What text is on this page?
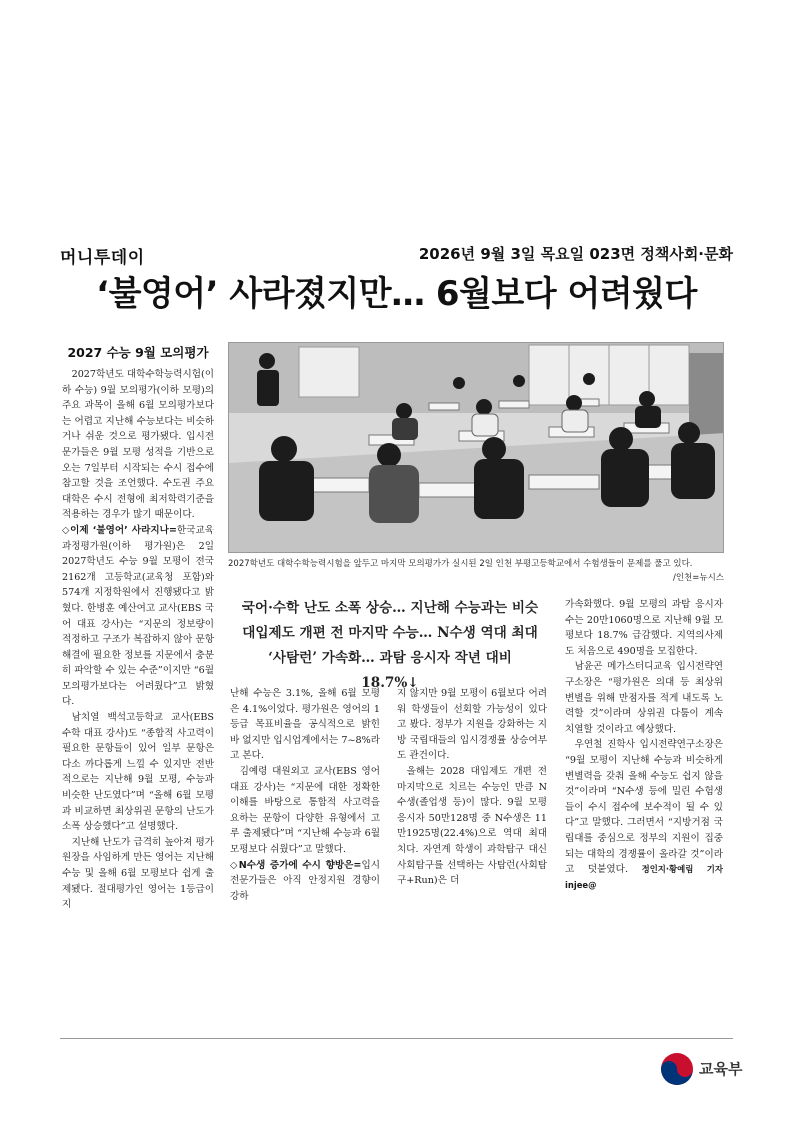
머니투데이	2026년 9월 3일 목요일 023면 정책사회·문화
‘불영어’ 사라졌지만… 6월보다 어려웠다
2027 수능 9월 모의평가

2027학년도 대학수학능력시험(이하 수능) 9월 모의평가(이하 모평)의 주요 과목이 올해 6월 모의평가보다는 어렵고 지난해 수능보다는 비슷하거나 쉬운 것으로 평가됐다. 입시전문가들은 9월 모평 성적을 기반으로 오는 7일부터 시작되는 수시 접수에 참고할 것을 조언했다. 수도권 주요 대학은 수시 전형에 최저학력기준을 적용하는 경우가 많기 때문이다.

◇이제 ‘불영어’ 사라지나=한국교육과정평가원(이하 평가원)은 2일 2027학년도 수능 9월 모평이 전국 2162개 고등학교(교육청 포함)와 574개 지정학원에서 진행됐다고 밝혔다. 한병훈 예산여고 교사(EBS 국어 대표 강사)는 “지문의 정보량이 적정하고 구조가 복잡하지 않아 문항해결에 필요한 정보를 지문에서 충분히 파악할 수 있는 수준”이지만 “6월 모의평가보다는 어려웠다”고 밝혔다.

남치열 백석고등학교 교사(EBS 수학 대표 강사)도 “종합적 사고력이 필요한 문항들이 있어 일부 문항은 다소 까다롭게 느낄 수 있지만 전반적으로는 지난해 9월 모평, 수능과 비슷한 난도였다”며 “올해 6월 모평과 비교하면 최상위권 문항의 난도가 소폭 상승했다”고 설명했다.

지난해 난도가 급격히 높아져 평가원장을 사임하게 만든 영어는 지난해 수능 및 올해 6월 모평보다 쉽게 출제됐다. 절대평가인 영어는 1등급이 지

2027학년도 대학수학능력시험을 앞두고 마지막 모의평가가 실시된 2일 인천 부평고등학교에서 수험생들이 문제를 풀고 있다.
/인천=뉴시스
국어·수학 난도 소폭 상승… 지난해 수능과는 비슷
대입제도 개편 전 마지막 수능… N수생 역대 최대
‘사탐런’ 가속화… 과탐 응시자 작년 대비 18.7%↓

난해 수능은 3.1%, 올해 6월 모평은 4.1%이었다. 평가원은 영어의 1등급 목표비율을 공식적으로 밝힌 바 없지만 입시업계에서는 7~8%라고 본다.

김예령 대원외고 교사(EBS 영어 대표 강사)는 “지문에 대한 정확한 이해를 바탕으로 통합적 사고력을 요하는 문항이 다양한 유형에서 고루 출제됐다”며 “지난해 수능과 6월 모평보다 쉬웠다”고 말했다.

◇N수생 증가에 수시 향방은=입시전문가들은 아직 안정지원 경향이 강하

지 않지만 9월 모평이 6월보다 어려워 학생들이 선회할 가능성이 있다고 봤다. 정부가 지원을 강화하는 지방 국립대들의 입시경쟁률 상승여부도 관건이다.

올해는 2028 대입제도 개편 전 마지막으로 치르는 수능인 만큼 N수생(졸업생 등)이 많다. 9월 모평 응시자 50만128명 중 N수생은 11만1925명(22.4%)으로 역대 최대치다. 자연계 학생이 과학탐구 대신 사회탐구를 선택하는 사탐런(사회탐구+Run)은 더

가속화했다. 9월 모평의 과탐 응시자 수는 20만1060명으로 지난해 9월 모평보다 18.7% 급감했다. 지역의사제도 처음으로 490명을 모집한다.

남윤곤 메가스터디교육 입시전략연구소장은 “평가원은 의대 등 최상위 변별을 위해 만점자를 적게 내도록 노력할 것”이라며 상위권 다툼이 계속 치열할 것이라고 예상했다.

우연철 진학사 입시전략연구소장은 “9월 모평이 지난해 수능과 비슷하게 변별력을 갖춰 올해 수능도 쉽지 않을 것”이라며 “N수생 등에 밀린 수험생들이 수시 접수에 보수적이 될 수 있다”고 말했다. 그러면서 “지방거점 국립대를 중심으로 정부의 지원이 집중되는 대학의 경쟁률이 올라갈 것”이라고 덧붙였다. 정인지·황예림 기자 injee@

교육부
